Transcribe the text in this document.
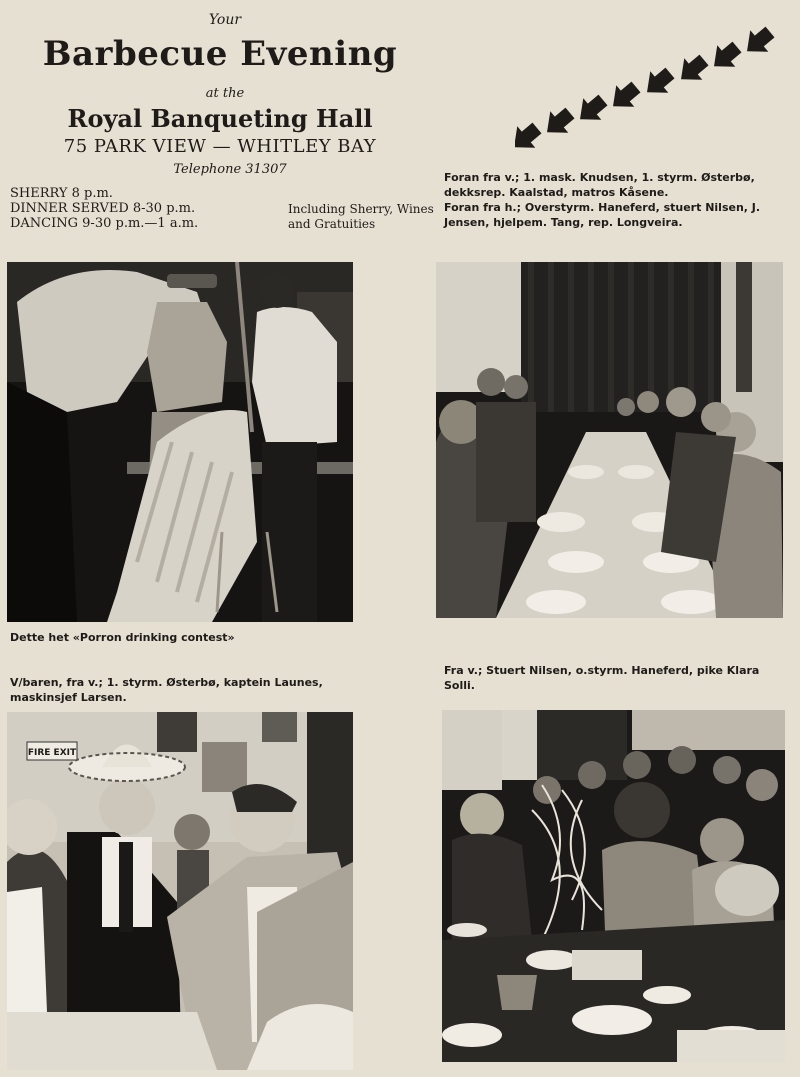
Your
Barbecue Evening
at the
Royal Banqueting Hall
75 PARK VIEW — WHITLEY BAY
Telephone 31307
SHERRY 8 p.m.
DINNER SERVED 8-30 p.m.
DANCING 9-30 p.m.—1 a.m.
Including Sherry, Wines
and Gratuities
Foran fra v.; 1. mask. Knudsen, 1. styrm. Østerbø,
dekksrep. Kaalstad, matros Kåsene.
Foran fra h.; Overstyrm. Haneferd, stuert Nilsen, J.
Jensen, hjelpem. Tang, rep. Longveira.
Dette het «Porron drinking contest»
V/baren, fra v.; 1. styrm. Østerbø, kaptein Launes,
maskinsjef Larsen.
Fra v.; Stuert Nilsen, o.styrm. Haneferd, pike Klara
Solli.
FIRE EXIT
